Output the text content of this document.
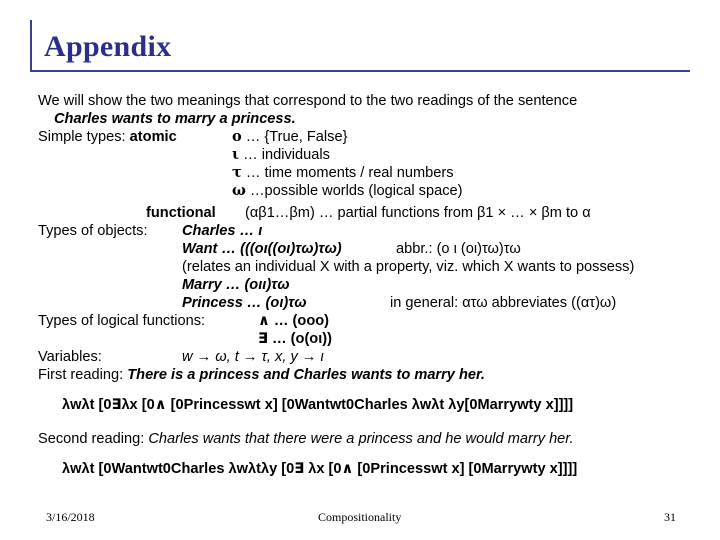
Appendix
We will show the two meanings that correspond to the two readings of the sentence
Charles wants to marry a princess.
Simple types: atomic	ο … {True, False}
ι … individuals
τ … time moments / real numbers
ω …possible worlds (logical space)
functional (αβ1…βm) … partial functions from β1 × … × βm to α
Types of objects: Charles … ι
Want … (((οι((οι)τω)τω)	abbr.: (ο ι (οι)τω)τω
(relates an individual X with a property, viz. which X wants to possess)
Marry … (οιι)τω
Princess … (οι)τω	in general: ατω abbreviates ((ατ)ω)
Types of logical functions:	∧ … (οοο)
∃ … (ο(οι))
Variables:	w → ω, t → τ, x, y → ι
First reading: There is a princess and Charles wants to marry her.
λwλt [0∃λx [0∧ [0Princesswt x] [0Wantwt0Charles λwλt λy[0Marrywty x]]]]
Second reading: Charles wants that there were a princess and he would marry her.
λwλt [0Wantwt0Charles λwλtλy [0∃ λx [0∧ [0Princesswt x] [0Marrywty x]]]]
3/16/2018	Compositionality	31
